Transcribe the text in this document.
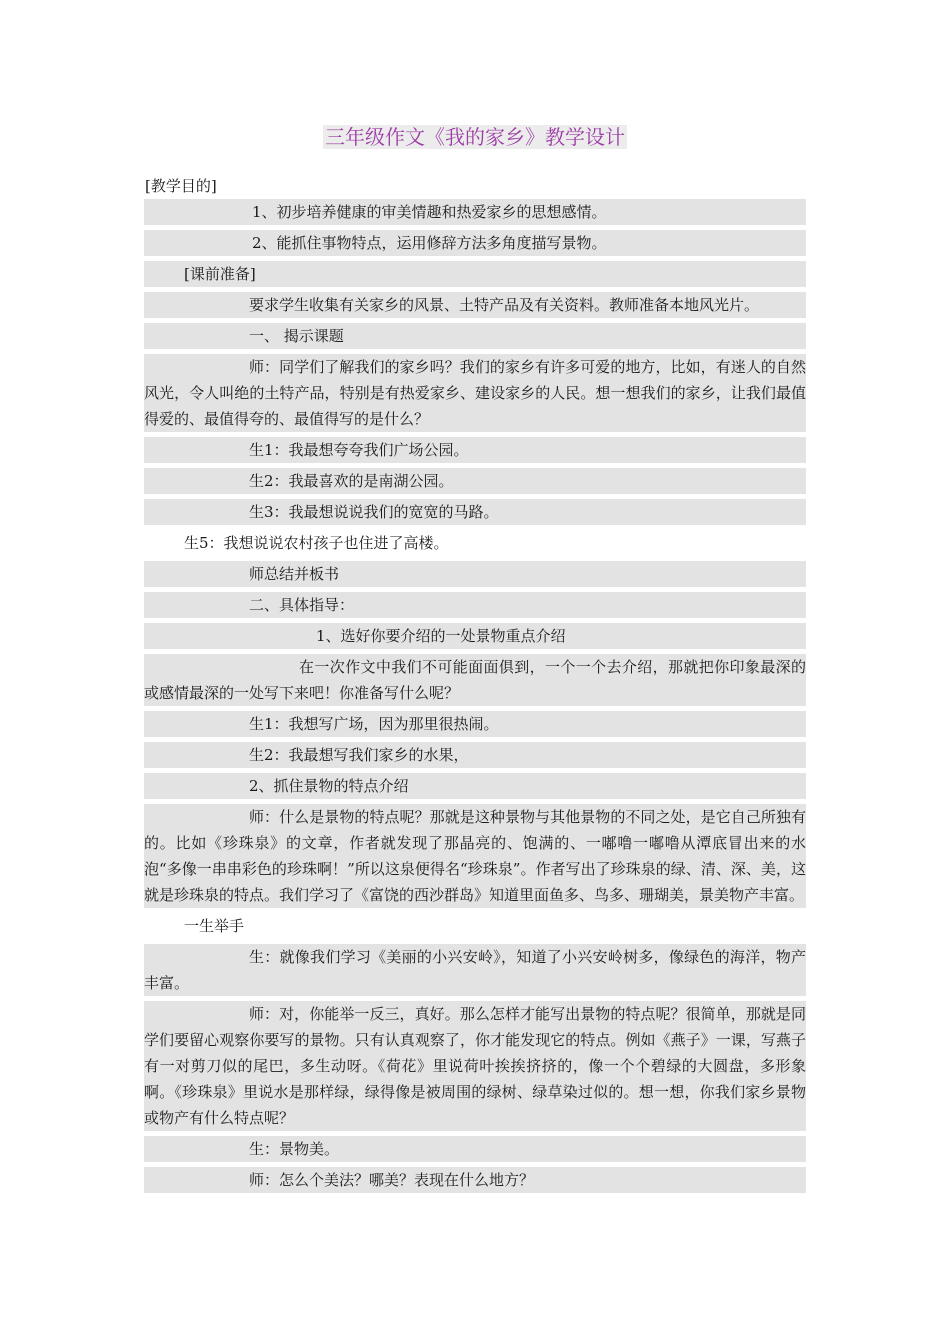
三年级作文《我的家乡》教学设计
[教学目的]
1、初步培养健康的审美情趣和热爱家乡的思想感情。
2、能抓住事物特点，运用修辞方法多角度描写景物。
[课前准备]
要求学生收集有关家乡的风景、土特产品及有关资料。教师准备本地风光片。
一、 揭示课题
师：同学们了解我们的家乡吗？我们的家乡有许多可爱的地方，比如，有迷人的自然风光，令人叫绝的土特产品，特别是有热爱家乡、建设家乡的人民。想一想我们的家乡，让我们最值得爱的、最值得夸的、最值得写的是什么？
生1：我最想夸夸我们广场公园。
生2：我最喜欢的是南湖公园。
生3：我最想说说我们的宽宽的马路。
生5：我想说说农村孩子也住进了高楼。
师总结并板书
二、具体指导：
1、选好你要介绍的一处景物重点介绍
在一次作文中我们不可能面面俱到，一个一个去介绍，那就把你印象最深的或感情最深的一处写下来吧！你准备写什么呢？
生1：我想写广场，因为那里很热闹。
生2：我最想写我们家乡的水果，
2、抓住景物的特点介绍
师：什么是景物的特点呢？那就是这种景物与其他景物的不同之处，是它自己所独有的。比如《珍珠泉》的文章，作者就发现了那晶亮的、饱满的、一嘟噜一嘟噜从潭底冒出来的水泡“多像一串串彩色的珍珠啊！”所以这泉便得名“珍珠泉”。作者写出了珍珠泉的绿、清、深、美，这就是珍珠泉的特点。我们学习了《富饶的西沙群岛》知道里面鱼多、鸟多、珊瑚美，景美物产丰富。
一生举手
生：就像我们学习《美丽的小兴安岭》，知道了小兴安岭树多，像绿色的海洋，物产丰富。
师：对，你能举一反三，真好。那么怎样才能写出景物的特点呢？很简单，那就是同学们要留心观察你要写的景物。只有认真观察了，你才能发现它的特点。例如《燕子》一课，写燕子有一对剪刀似的尾巴，多生动呀。《荷花》里说荷叶挨挨挤挤的，像一个个碧绿的大圆盘，多形象啊。《珍珠泉》里说水是那样绿，绿得像是被周围的绿树、绿草染过似的。想一想，你我们家乡景物或物产有什么特点呢？
生：景物美。
师：怎么个美法？哪美？表现在什么地方？
